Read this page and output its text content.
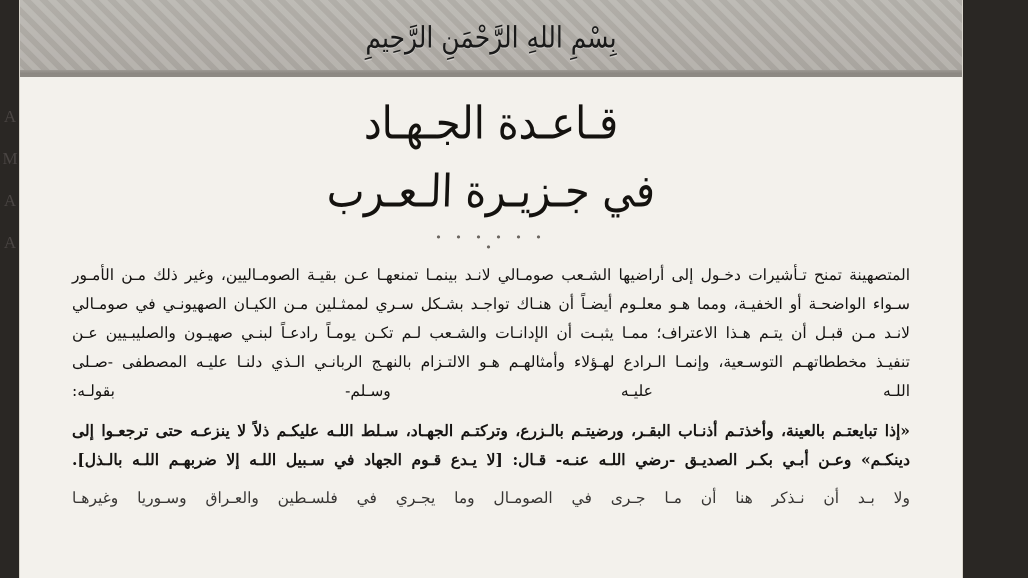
A M A A
بِسْمِ اللهِ الرَّحْمَنِ الرَّحِيمِ
قـاعـدة الجـهـاد
في جـزيـرة الـعـرب
• • • • • • •

المتصهينة تمنح تـأشيرات دخـول إلى أراضيها الشـعب صومـالي لانـد بينمـا تمنعهـا عـن بقيـة الصومـاليين، وغير ذلك مـن الأمـور سـواء الواضحـة أو الخفيـة، ومما هـو معلـوم أيضـاً أن هنـاك تواجـد بشـكل سـري لممثـلين مـن الكيـان الصهيونـي في صومـالي لانـد مـن قبـل أن يتـم هـذا الاعتراف؛ ممـا يثبـت أن الإدانـات والشـعب لـم تكـن يومـاً رادعـاً لبنـي صهيـون والصليبـيين عـن تنفيـذ مخططاتهـم التوسـعية، وإنمـا الـرادع لهـؤلاء وأمثالهـم هـو الالتـزام بالنهـج الربانـي الـذي دلنـا عليـه المصطفى -صـلى اللـه عليـه وسـلم- بقولـه:

«إذا تبايعتـم بالعينة، وأخذتـم أذنـاب البقـر، ورضيتـم بالـزرع، وتركتـم الجهـاد، سـلط اللـه عليكـم ذلاً لا ينزعـه حتى ترجعـوا إلى دينكـم» وعـن أبـي بكـر الصديـق -رضي اللـه عنـه- قـال: [لا يـدع قـوم الجهاد في سـبيل اللـه إلا ضربهـم اللـه بالـذل].

ولا بـد أن نـذكر هنا أن مـا جـرى في الصومـال وما يجـري في فلسـطين والعـراق وسـوريا وغيرهـا
